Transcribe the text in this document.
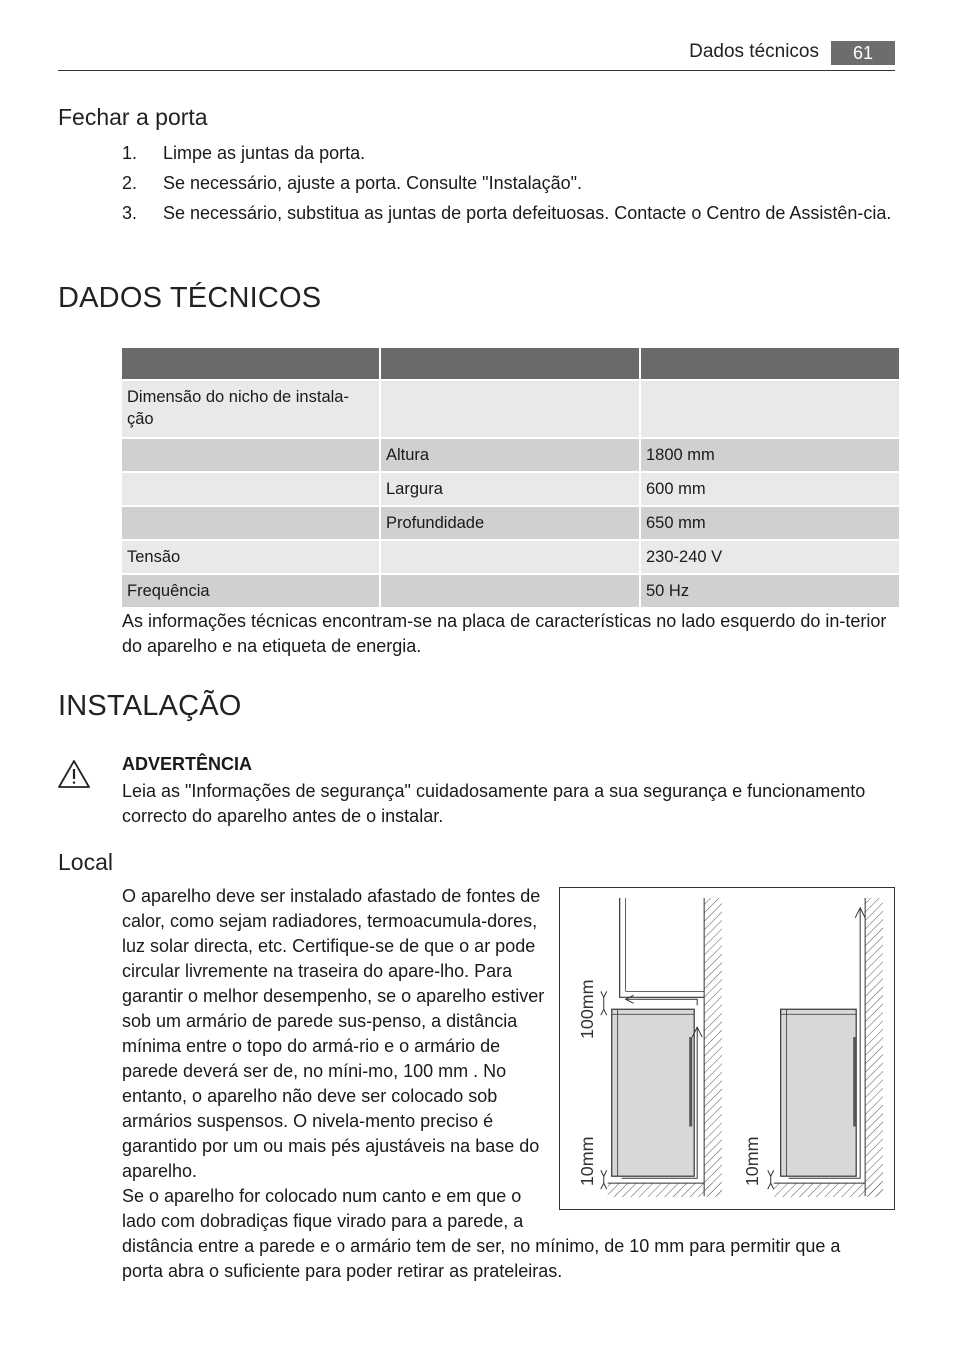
Dados técnicos	61
Fechar a porta
1. Limpe as juntas da porta.
2. Se necessário, ajuste a porta. Consulte "Instalação".
3. Se necessário, substitua as juntas de porta defeituosas. Contacte o Centro de Assistên-cia.
DADOS TÉCNICOS

Dimensão do nicho de instala-ção		
	Altura	1800 mm
	Largura	600 mm
	Profundidade	650 mm
Tensão		230-240 V
Frequência		50 Hz
As informações técnicas encontram-se na placa de características no lado esquerdo do in-terior do aparelho e na etiqueta de energia.
INSTALAÇÃO
ADVERTÊNCIA
Leia as "Informações de segurança" cuidadosamente para a sua segurança e funcionamento correcto do aparelho antes de o instalar.
Local
O aparelho deve ser instalado afastado de fontes de calor, como sejam radiadores, termoacumula-dores, luz solar directa, etc. Certifique-se de que o ar pode circular livremente na traseira do apare-lho. Para garantir o melhor desempenho, se o aparelho estiver sob um armário de parede sus-penso, a distância mínima entre o topo do armá-rio e o armário de parede deverá ser de, no míni-mo, 100 mm . No entanto, o aparelho não deve ser colocado sob armários suspensos. O nivela-mento preciso é garantido por um ou mais pés ajustáveis na base do aparelho.
Se o aparelho for colocado num canto e em que o
lado com dobradiças fique virado para a parede, a
distância entre a parede e o armário tem de ser, no mínimo, de 10 mm para permitir que a
porta abra o suficiente para poder retirar as prateleiras.
100mm
10mm	10mm
